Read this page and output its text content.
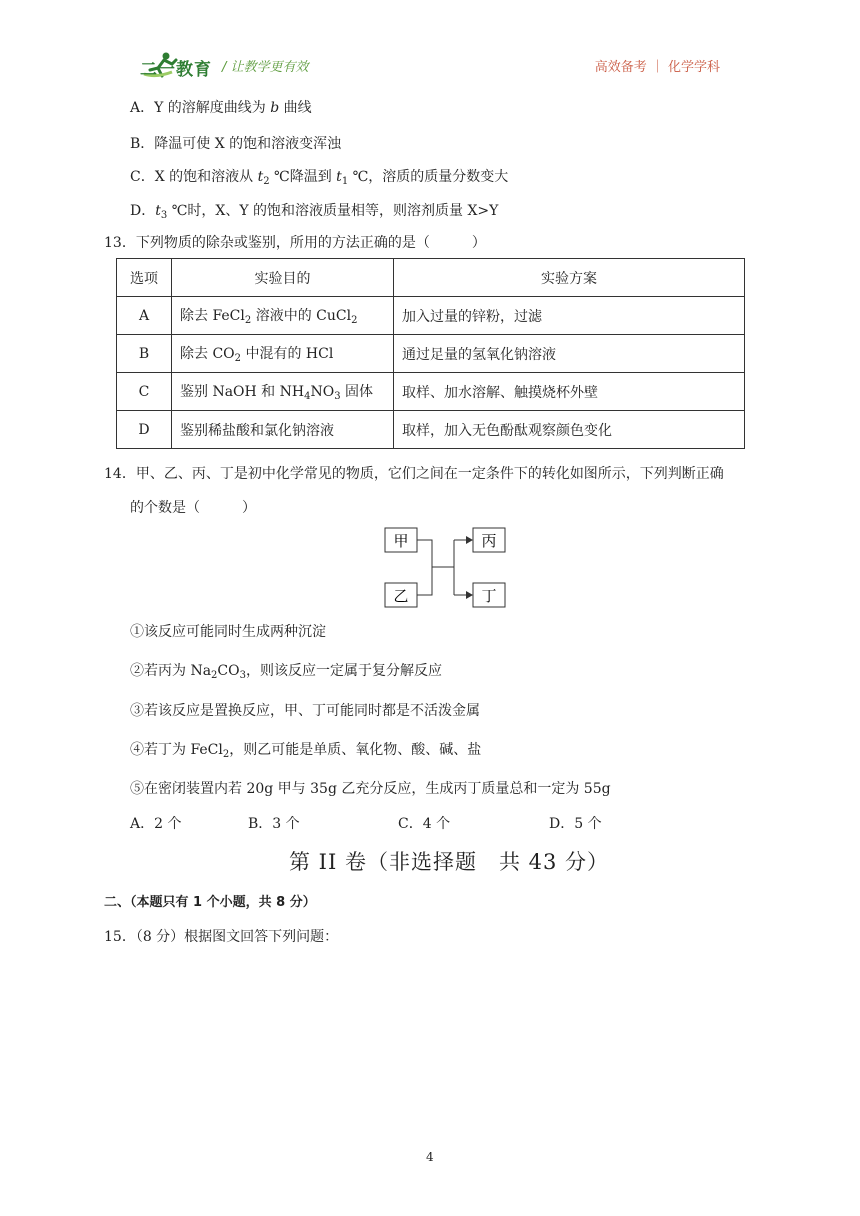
二一教育 / 让教学更有效	高效备考 ｜ 化学学科
A．Y 的溶解度曲线为 b 曲线
B．降温可使 X 的饱和溶液变浑浊
C．X 的饱和溶液从 $t_2$ ℃降温到 $t_1$ ℃，溶质的质量分数变大
D．$t_3$ ℃时，X、Y 的饱和溶液质量相等，则溶剂质量 X>Y
13．下列物质的除杂或鉴别，所用的方法正确的是（　　　）
选项	实验目的	实验方案
A	除去 FeCl$_2$ 溶液中的 CuCl$_2$	加入过量的锌粉，过滤
B	除去 $CO_2$ 中混有的 HCl	通过足量的氢氧化钠溶液
C	鉴别 NaOH 和 $NH_4NO_3$ 固体	取样、加水溶解、触摸烧杯外壁
D	鉴别稀盐酸和氯化钠溶液	取样，加入无色酚酞观察颜色变化
14．甲、乙、丙、丁是初中化学常见的物质，它们之间在一定条件下的转化如图所示，下列判断正确
的个数是（　　　）
甲
乙
丙
丁
①该反应可能同时生成两种沉淀
②若丙为 $Na_2CO_3$，则该反应一定属于复分解反应
③若该反应是置换反应，甲、丁可能同时都是不活泼金属
④若丁为 FeCl$_2$，则乙可能是单质、氧化物、酸、碱、盐
⑤在密闭装置内若 20g 甲与 35g 乙充分反应，生成丙丁质量总和一定为 55g
A．2 个	B．3 个	C．4 个	D．5 个
第 II 卷（非选择题　共 43 分）
二、（本题只有 1 个小题，共 8 分）
15．（8 分）根据图文回答下列问题：
4
